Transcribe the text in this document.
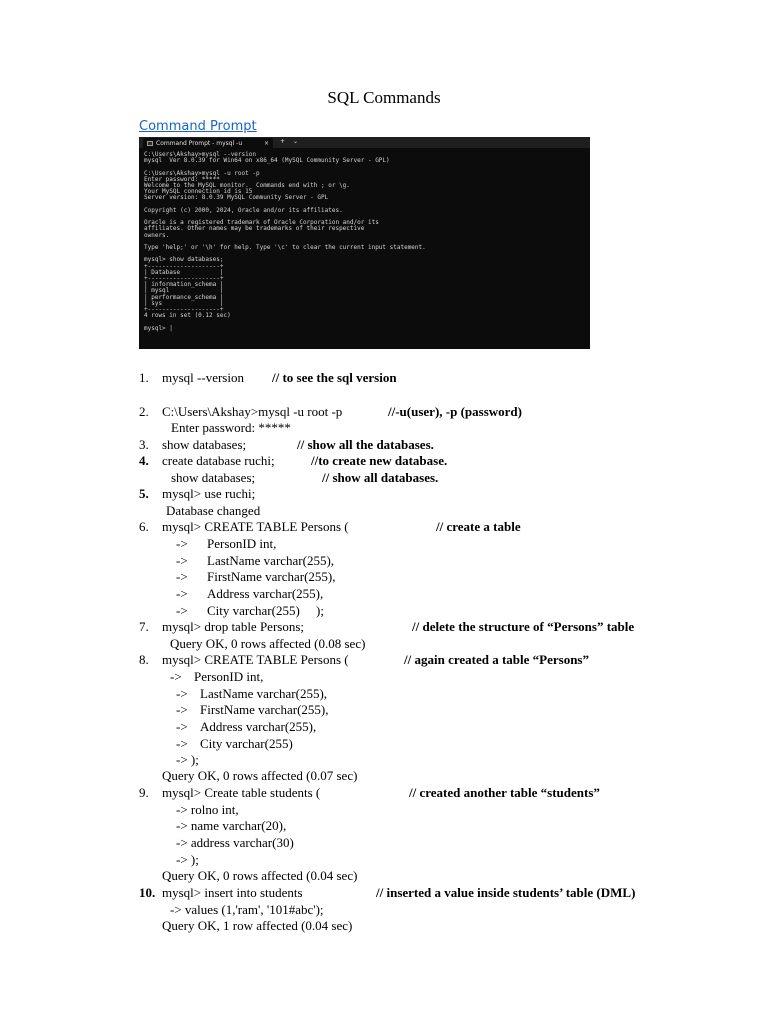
SQL Commands
Command Prompt
Command Prompt - mysql -u	× + ⌄
C:\Users\Akshay>mysql --version
mysql  Ver 8.0.39 for Win64 on x86_64 (MySQL Community Server - GPL)

C:\Users\Akshay>mysql -u root -p
Enter password: *****
Welcome to the MySQL monitor.  Commands end with ; or \g.
Your MySQL connection id is 15
Server version: 8.0.39 MySQL Community Server - GPL

Copyright (c) 2000, 2024, Oracle and/or its affiliates.

Oracle is a registered trademark of Oracle Corporation and/or its
affiliates. Other names may be trademarks of their respective
owners.

Type 'help;' or '\h' for help. Type '\c' to clear the current input statement.

mysql> show databases;
+--------------------+
| Database           |
+--------------------+
| information_schema |
| mysql              |
| performance_schema |
| sys                |
+--------------------+
4 rows in set (0.12 sec)

mysql> |
1.	mysql --version // to see the sql version
2.	C:\Users\Akshay>mysql -u root -p	//-u(user), -p (password)
Enter password: *****
3.	show databases;	// show all the databases.
4.	create database ruchi;	//to create new database.
show databases;	// show all databases.
5.	mysql> use ruchi;
Database changed
6.	mysql> CREATE TABLE Persons (	// create a table
-> PersonID int,
-> LastName varchar(255),
-> FirstName varchar(255),
-> Address varchar(255),
-> City varchar(255)     );
7.	mysql> drop table Persons;	// delete the structure of “Persons” table
Query OK, 0 rows affected (0.08 sec)
8.	mysql> CREATE TABLE Persons (	// again created a table “Persons”
-> PersonID int,
-> LastName varchar(255),
-> FirstName varchar(255),
-> Address varchar(255),
-> City varchar(255)
-> );
Query OK, 0 rows affected (0.07 sec)
9.	mysql> Create table students (	// created another table “students”
-> rolno int,
-> name varchar(20),
-> address varchar(30)
-> );
Query OK, 0 rows affected (0.04 sec)
10. mysql> insert into students	// inserted a value inside students’ table (DML)
-> values (1,'ram', '101#abc');
Query OK, 1 row affected (0.04 sec)
